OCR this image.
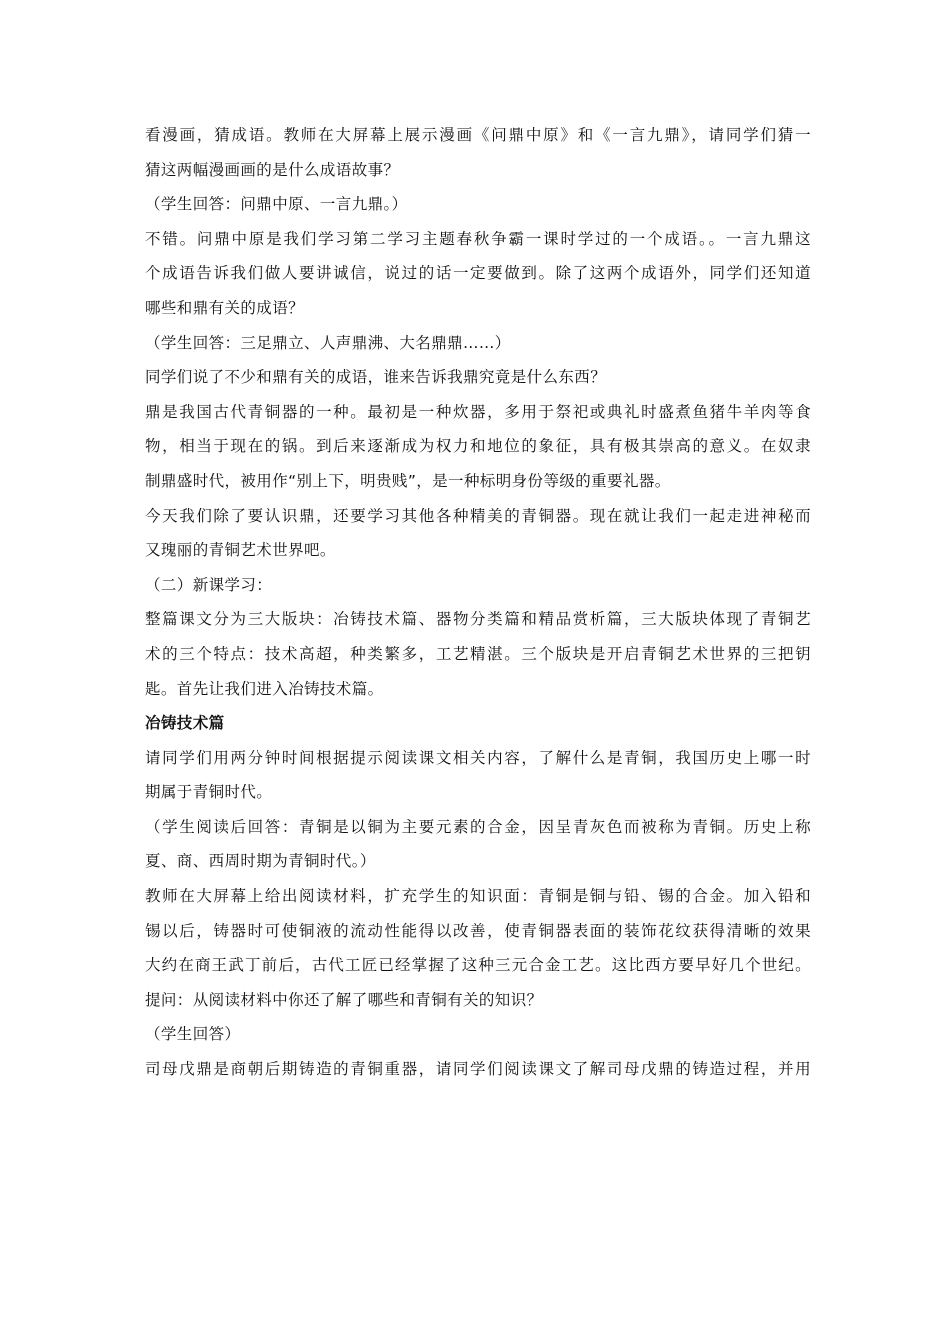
看漫画，猜成语。教师在大屏幕上展示漫画《问鼎中原》和《一言九鼎》，请同学们猜一
猜这两幅漫画画的是什么成语故事？
（学生回答：问鼎中原、一言九鼎。）
不错。问鼎中原是我们学习第二学习主题春秋争霸一课时学过的一个成语。。一言九鼎这
个成语告诉我们做人要讲诚信，说过的话一定要做到。除了这两个成语外，同学们还知道
哪些和鼎有关的成语？
（学生回答：三足鼎立、人声鼎沸、大名鼎鼎……）
同学们说了不少和鼎有关的成语，谁来告诉我鼎究竟是什么东西？
鼎是我国古代青铜器的一种。最初是一种炊器，多用于祭祀或典礼时盛煮鱼猪牛羊肉等食
物，相当于现在的锅。到后来逐渐成为权力和地位的象征，具有极其崇高的意义。在奴隶
制鼎盛时代，被用作“别上下，明贵贱”，是一种标明身份等级的重要礼器。
今天我们除了要认识鼎，还要学习其他各种精美的青铜器。现在就让我们一起走进神秘而
又瑰丽的青铜艺术世界吧。
（二）新课学习：
整篇课文分为三大版块：冶铸技术篇、器物分类篇和精品赏析篇，三大版块体现了青铜艺
术的三个特点：技术高超，种类繁多，工艺精湛。三个版块是开启青铜艺术世界的三把钥
匙。首先让我们进入冶铸技术篇。
冶铸技术篇
请同学们用两分钟时间根据提示阅读课文相关内容，了解什么是青铜，我国历史上哪一时
期属于青铜时代。
（学生阅读后回答：青铜是以铜为主要元素的合金，因呈青灰色而被称为青铜。历史上称
夏、商、西周时期为青铜时代。）
教师在大屏幕上给出阅读材料，扩充学生的知识面：青铜是铜与铅、锡的合金。加入铅和
锡以后，铸器时可使铜液的流动性能得以改善，使青铜器表面的装饰花纹获得清晰的效果
大约在商王武丁前后，古代工匠已经掌握了这种三元合金工艺。这比西方要早好几个世纪。
提问：从阅读材料中你还了解了哪些和青铜有关的知识？
（学生回答）
司母戊鼎是商朝后期铸造的青铜重器，请同学们阅读课文了解司母戊鼎的铸造过程，并用
